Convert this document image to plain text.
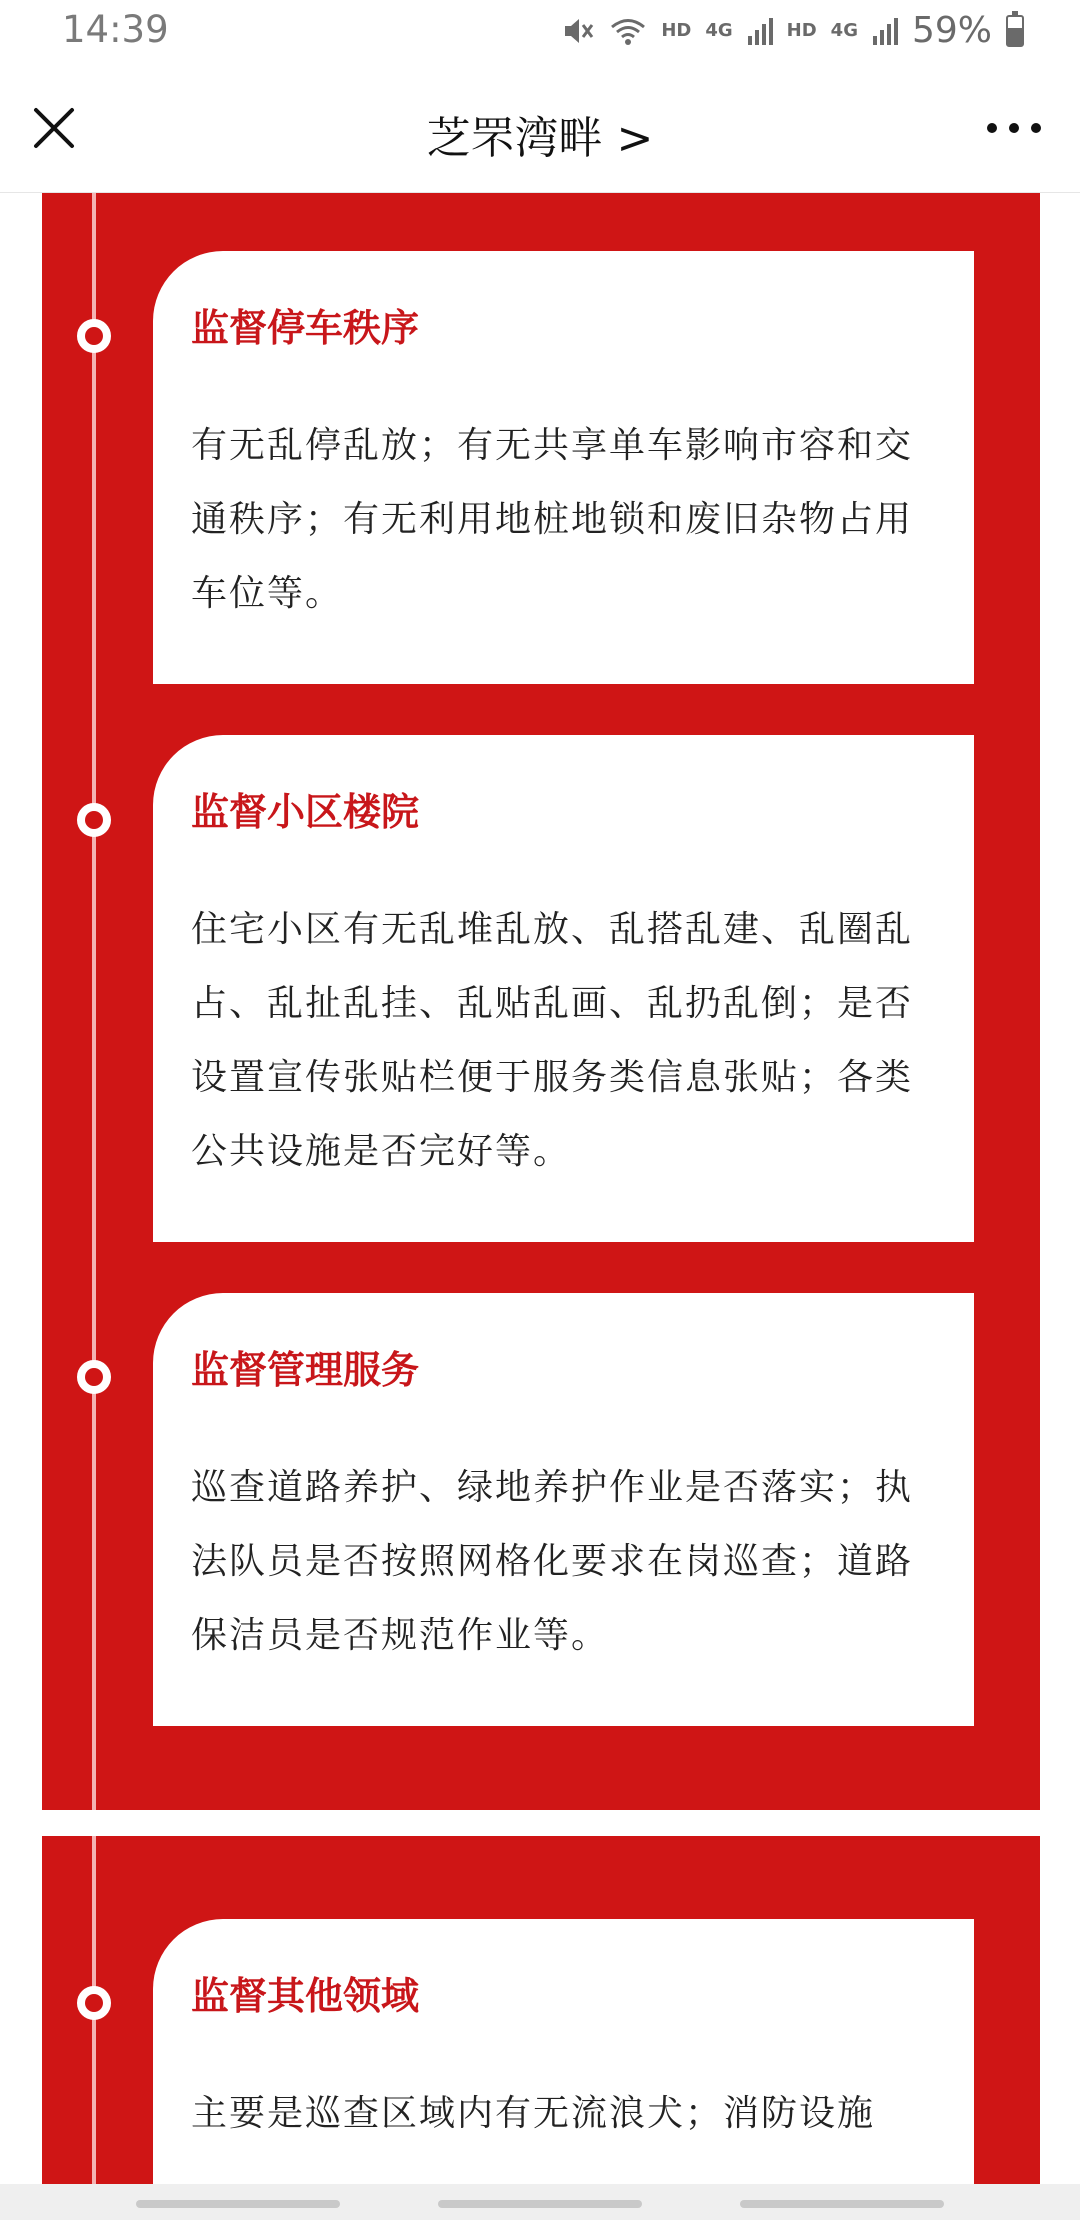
14:39	HD 4G	HD 4G 59%
芝罘湾畔 >
监督停车秩序
有无乱停乱放；有无共享单车影响市容和交通秩序；有无利用地桩地锁和废旧杂物占用车位等。
监督小区楼院
住宅小区有无乱堆乱放、乱搭乱建、乱圈乱占、乱扯乱挂、乱贴乱画、乱扔乱倒；是否设置宣传张贴栏便于服务类信息张贴；各类公共设施是否完好等。
监督管理服务
巡查道路养护、绿地养护作业是否落实；执法队员是否按照网格化要求在岗巡查；道路保洁员是否规范作业等。
监督其他领域
主要是巡查区域内有无流浪犬；消防设施
